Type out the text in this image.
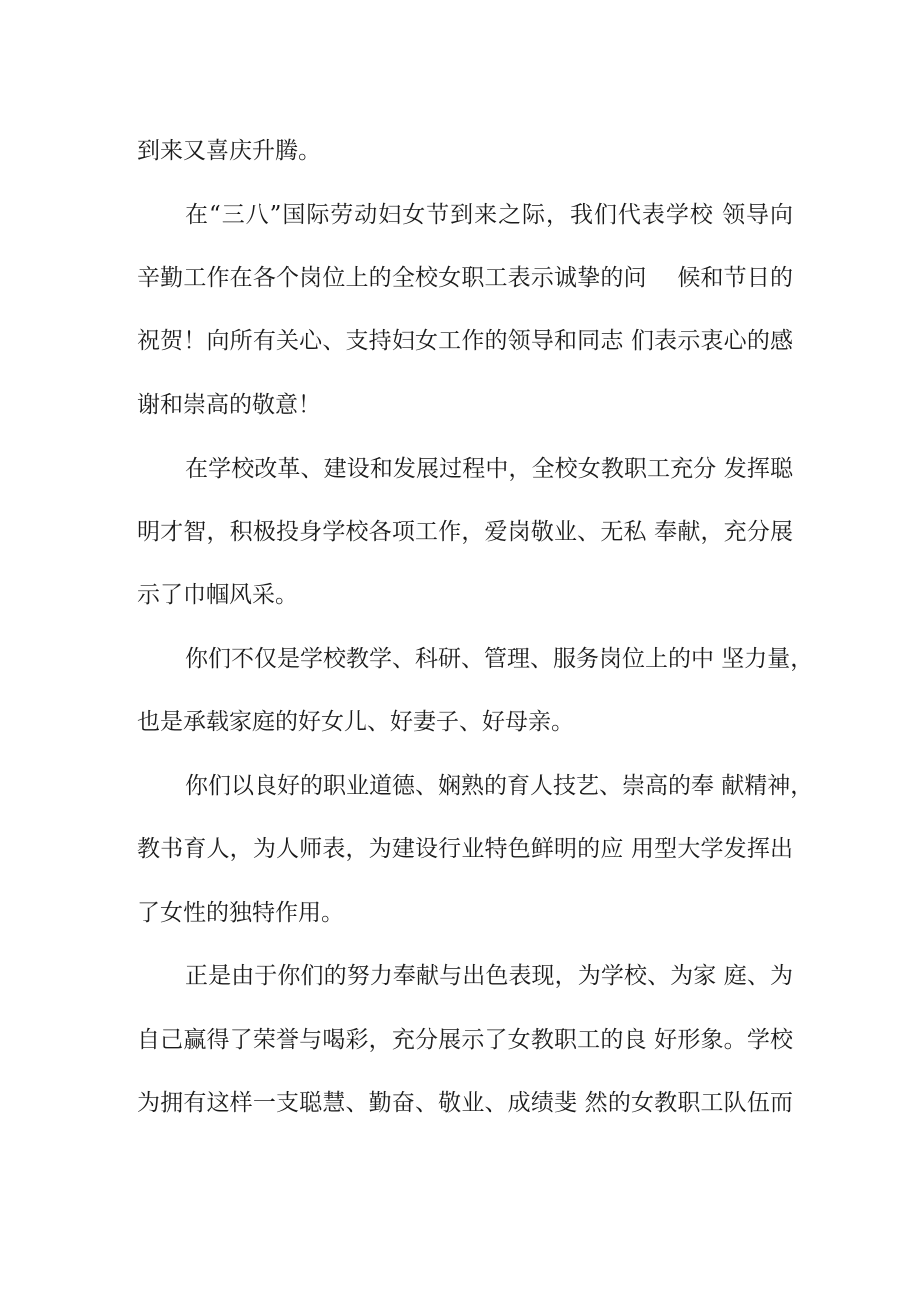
到来又喜庆升腾。
在“三八”国际劳动妇女节到来之际，我们代表学校 领导向
辛勤工作在各个岗位上的全校女职工表示诚挚的问　 候和节日的
祝贺！向所有关心、支持妇女工作的领导和同志 们表示衷心的感
谢和崇高的敬意！
在学校改革、建设和发展过程中，全校女教职工充分 发挥聪
明才智，积极投身学校各项工作，爱岗敬业、无私 奉献，充分展
示了巾帼风采。
你们不仅是学校教学、科研、管理、服务岗位上的中 坚力量，
也是承载家庭的好女儿、好妻子、好母亲。
你们以良好的职业道德、娴熟的育人技艺、崇高的奉 献精神，
教书育人，为人师表，为建设行业特色鲜明的应 用型大学发挥出
了女性的独特作用。
正是由于你们的努力奉献与出色表现，为学校、为家 庭、为
自己赢得了荣誉与喝彩，充分展示了女教职工的良 好形象。学校
为拥有这样一支聪慧、勤奋、敬业、成绩斐 然的女教职工队伍而
